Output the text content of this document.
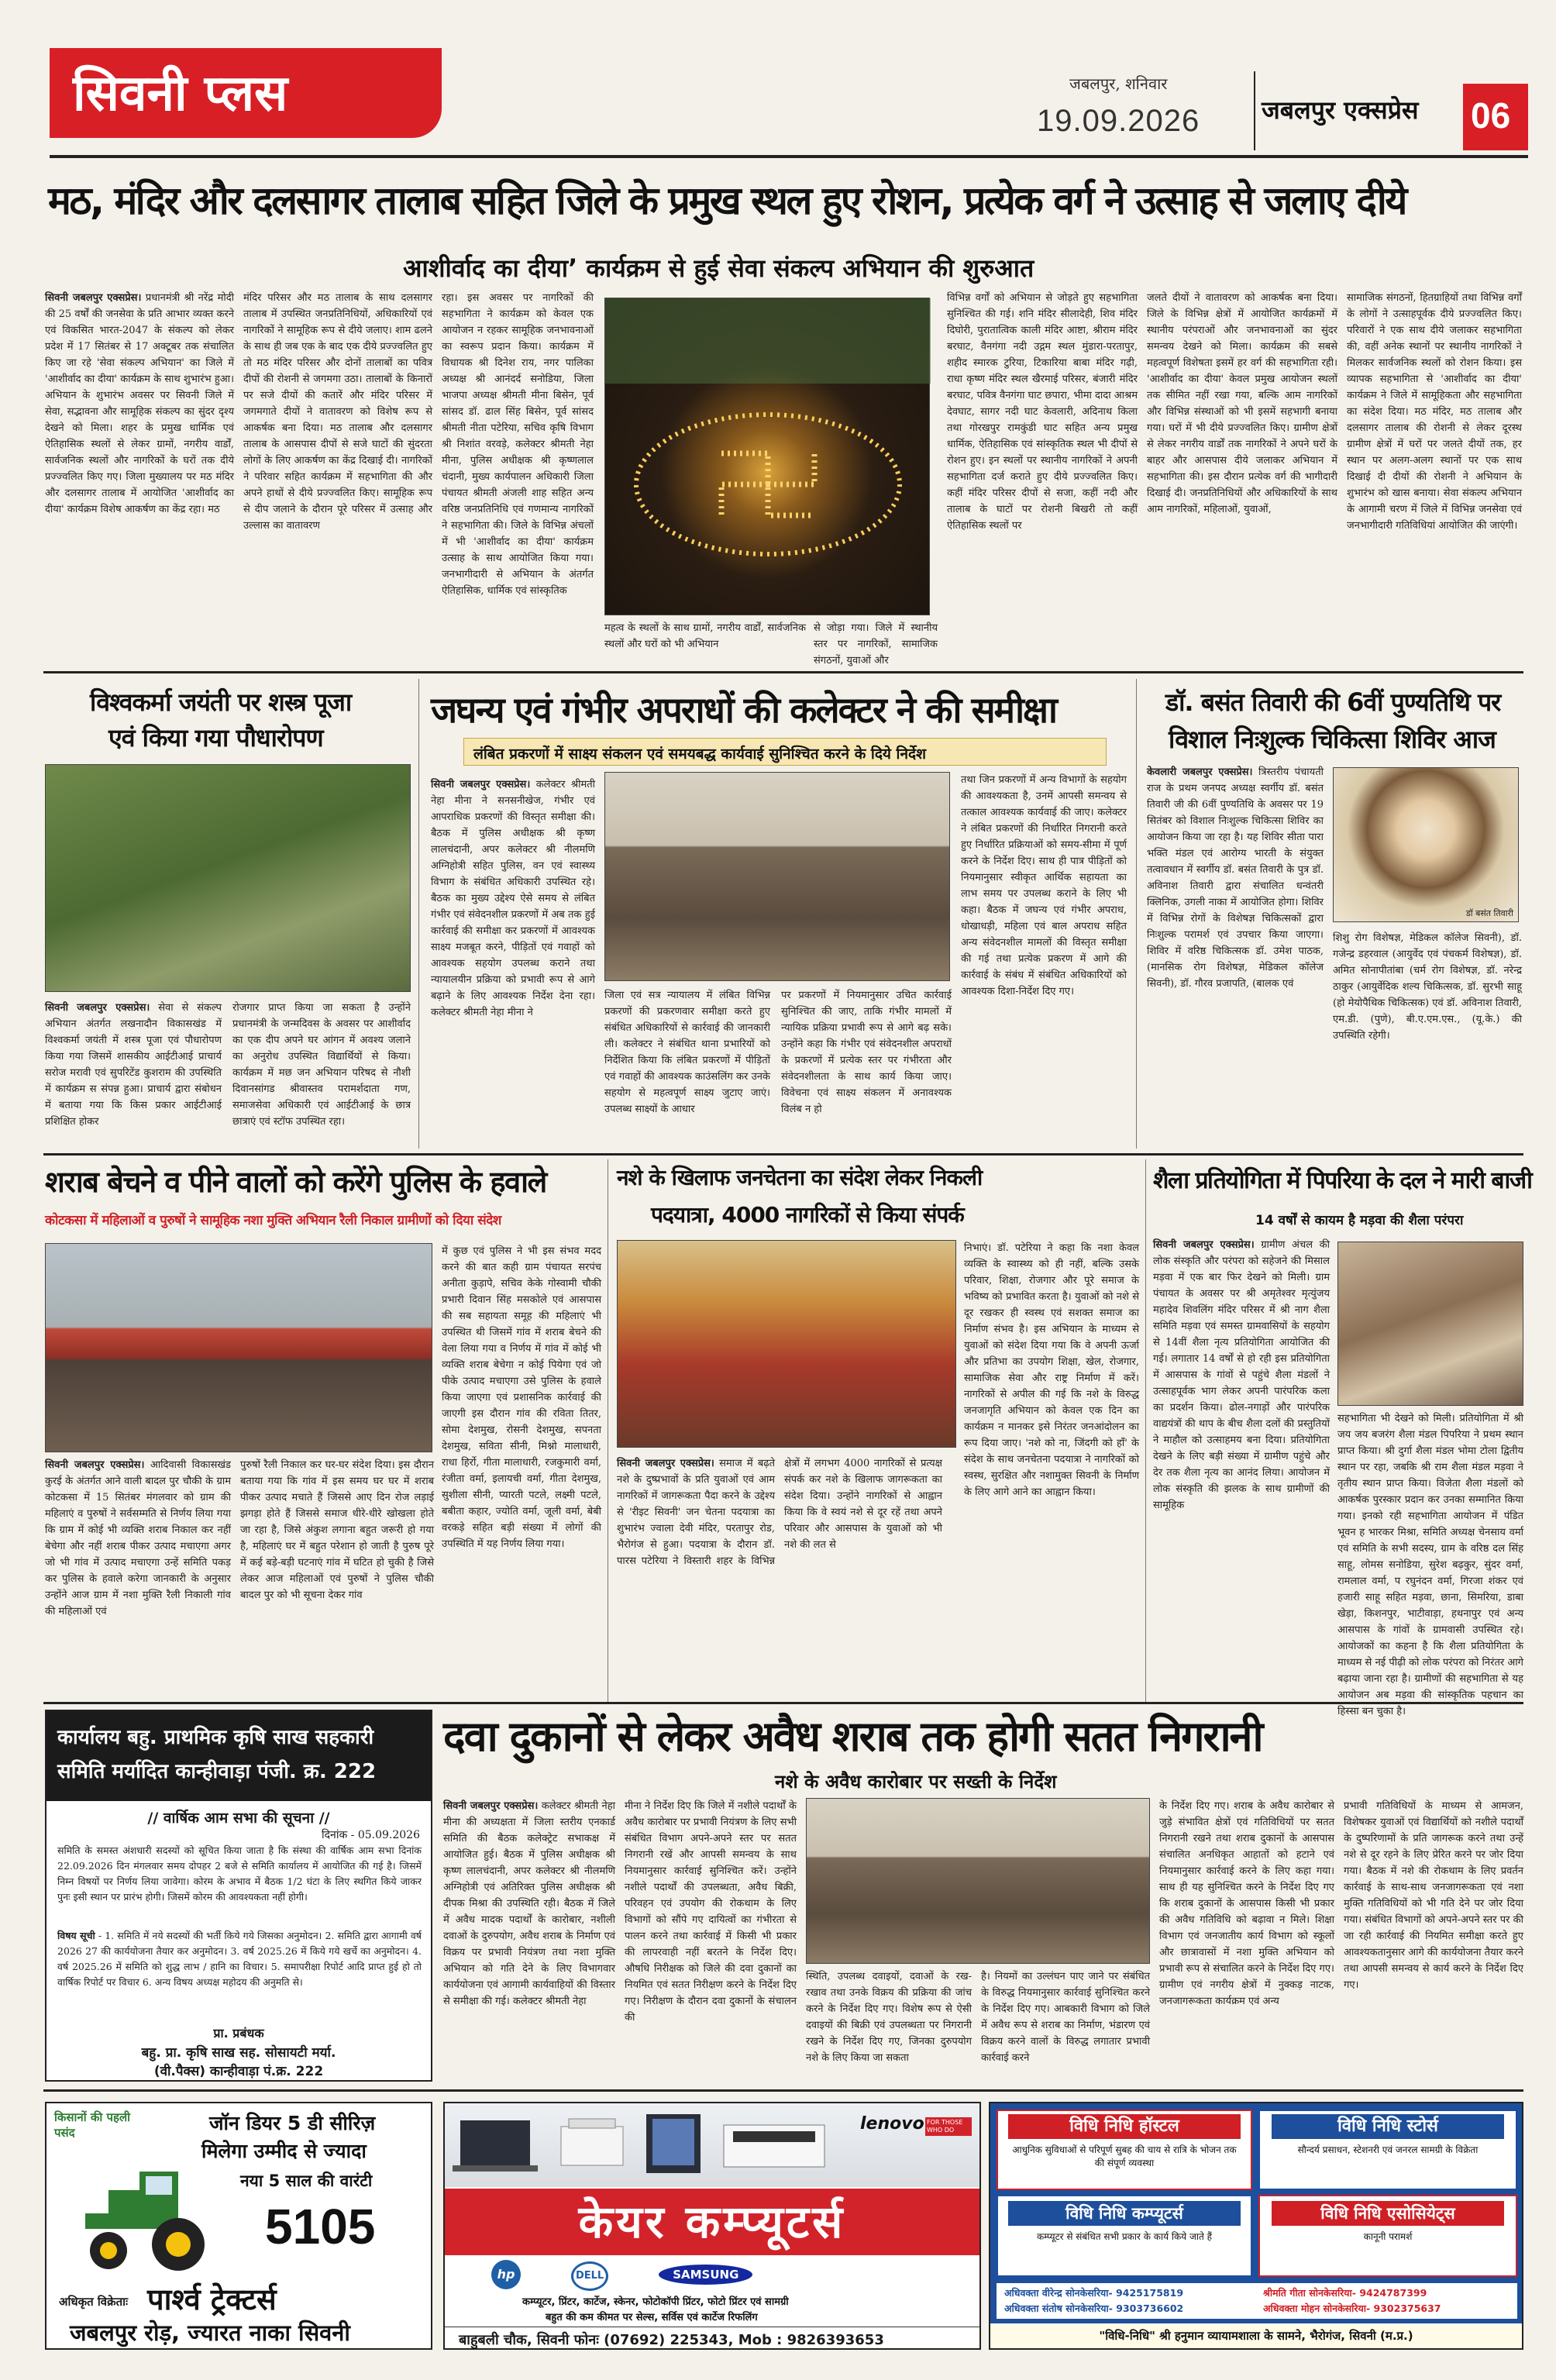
सिवनी प्लस	जबलपुर, शनिवार
19.09.2026 जबलपुर एक्सप्रेस 06
मठ, मंदिर और दलसागर तालाब सहित जिले के प्रमुख स्थल हुए रोशन, प्रत्येक वर्ग ने उत्साह से जलाए दीये
आशीर्वाद का दीया’ कार्यक्रम से हुई सेवा संकल्प अभियान की शुरुआत
सिवनी जबलपुर एक्सप्रेस। प्रधानमंत्री श्री नरेंद्र मोदी की 25 वर्षों की जनसेवा के प्रति आभार व्यक्त करने एवं विकसित भारत-2047 के संकल्प को लेकर प्रदेश में 17 सितंबर से 17 अक्टूबर तक संचालित किए जा रहे 'सेवा संकल्प अभियान' का जिले में 'आशीर्वाद का दीया' कार्यक्रम के साथ शुभारंभ हुआ। अभियान के शुभारंभ अवसर पर सिवनी जिले में सेवा, सद्भावना और सामूहिक संकल्प का सुंदर दृश्य देखने को मिला। शहर के प्रमुख धार्मिक एवं ऐतिहासिक स्थलों से लेकर ग्रामों, नगरीय वार्डों, सार्वजनिक स्थलों और नागरिकों के घरों तक दीये प्रज्ज्वलित किए गए। जिला मुख्यालय पर मठ मंदिर और दलसागर तालाब में आयोजित 'आशीर्वाद का दीया' कार्यक्रम विशेष आकर्षण का केंद्र रहा। मठ
मंदिर परिसर और मठ तालाब के साथ दलसागर तालाब में उपस्थित जनप्रतिनिधियों, अधिकारियों एवं नागरिकों ने सामूहिक रूप से दीये जलाए। शाम ढलने के साथ ही जब एक के बाद एक दीये प्रज्ज्वलित हुए तो मठ मंदिर परिसर और दोनों तालाबों का पवित्र दीपों की रोशनी से जगमगा उठा। तालाबों के किनारों पर सजे दीयों की कतारें और मंदिर परिसर में जगमगाते दीयों ने वातावरण को विशेष रूप से आकर्षक बना दिया। मठ तालाब और दलसागर तालाब के आसपास दीपों से सजे घाटों की सुंदरता लोगों के लिए आकर्षण का केंद्र दिखाई दी। नागरिकों ने परिवार सहित कार्यक्रम में सहभागिता की और अपने हाथों से दीये प्रज्ज्वलित किए। सामूहिक रूप से दीप जलाने के दौरान पूरे परिसर में उत्साह और उल्लास का वातावरण
रहा। इस अवसर पर नागरिकों की सहभागिता ने कार्यक्रम को केवल एक आयोजन न रहकर सामूहिक जनभावनाओं का स्वरूप प्रदान किया। कार्यक्रम में विधायक श्री दिनेश राय, नगर पालिका अध्यक्ष श्री आनंदर्द सनोडिया, जिला भाजपा अध्यक्ष श्रीमती मीना बिसेन, पूर्व सांसद डॉ. ढाल सिंह बिसेन, पूर्व सांसद श्रीमती नीता पटेरिया, सचिव कृषि विभाग श्री निशांत वरवड़े, कलेक्टर श्रीमती नेहा मीना, पुलिस अधीक्षक श्री कृष्णलाल चंदानी, मुख्य कार्यपालन अधिकारी जिला पंचायत श्रीमती अंजली शाह सहित अन्य वरिष्ठ जनप्रतिनिधि एवं गणमान्य नागरिकों ने सहभागिता की। जिले के विभिन्न अंचलों में भी 'आशीर्वाद का दीया' कार्यक्रम उत्साह के साथ आयोजित किया गया। जनभागीदारी से अभियान के अंतर्गत ऐतिहासिक, धार्मिक एवं सांस्कृतिक
महत्व के स्थलों के साथ ग्रामों, नगरीय वार्डों, सार्वजनिक स्थलों और घरों को भी अभियान
से जोड़ा गया। जिले में स्थानीय स्तर पर नागरिकों, सामाजिक संगठनों, युवाओं और
विभिन्न वर्गों को अभियान से जोड़ते हुए सहभागिता सुनिश्चित की गई। शनि मंदिर सीलादेही, शिव मंदिर दिघोरी, पुरातात्विक काली मंदिर आष्टा, श्रीराम मंदिर बरघाट, वैनगंगा नदी उद्गम स्थल मुंडारा-परतापुर, शहीद स्मारक टुरिया, टिकारिया बाबा मंदिर गढ़ी, राधा कृष्ण मंदिर स्थल खैरमाई परिसर, बंजारी मंदिर बरघाट, पवित्र वैनगंगा घाट छपारा, भीमा दादा आश्रम देवघाट, सागर नदी घाट केवलारी, अदिनाथ किला तथा गोरखपुर रामकुंडी घाट सहित अन्य प्रमुख धार्मिक, ऐतिहासिक एवं सांस्कृतिक स्थल भी दीपों से रोशन हुए। इन स्थलों पर स्थानीय नागरिकों ने अपनी सहभागिता दर्ज कराते हुए दीये प्रज्ज्वलित किए। कहीं मंदिर परिसर दीपों से सजा, कहीं नदी और तालाब के घाटों पर रोशनी बिखरी तो कहीं ऐतिहासिक स्थलों पर
जलते दीयों ने वातावरण को आकर्षक बना दिया। जिले के विभिन्न क्षेत्रों में आयोजित कार्यक्रमों में स्थानीय परंपराओं और जनभावनाओं का सुंदर समन्वय देखने को मिला। कार्यक्रम की सबसे महत्वपूर्ण विशेषता इसमें हर वर्ग की सहभागिता रही। 'आशीर्वाद का दीया' केवल प्रमुख आयोजन स्थलों तक सीमित नहीं रखा गया, बल्कि आम नागरिकों और विभिन्न संस्थाओं को भी इसमें सहभागी बनाया गया। घरों में भी दीये प्रज्ज्वलित किए। ग्रामीण क्षेत्रों से लेकर नगरीय वार्डों तक नागरिकों ने अपने घरों के बाहर और आसपास दीये जलाकर अभियान में सहभागिता की। इस दौरान प्रत्येक वर्ग की भागीदारी दिखाई दी। जनप्रतिनिधियों और अधिकारियों के साथ आम नागरिकों, महिलाओं, युवाओं,
सामाजिक संगठनों, हितग्राहियों तथा विभिन्न वर्गों के लोगों ने उत्साहपूर्वक दीये प्रज्ज्वलित किए। परिवारों ने एक साथ दीये जलाकर सहभागिता की, वहीं अनेक स्थानों पर स्थानीय नागरिकों ने मिलकर सार्वजनिक स्थलों को रोशन किया। इस व्यापक सहभागिता से 'आशीर्वाद का दीया' कार्यक्रम ने जिले में सामूहिकता और सहभागिता का संदेश दिया। मठ मंदिर, मठ तालाब और दलसागर तालाब की रोशनी से लेकर दूरस्थ ग्रामीण क्षेत्रों में घरों पर जलते दीयों तक, हर स्थान पर अलग-अलग स्थानों पर एक साथ दिखाई दी दीयों की रोशनी ने अभियान के शुभारंभ को खास बनाया। सेवा संकल्प अभियान के आगामी चरण में जिले में विभिन्न जनसेवा एवं जनभागीदारी गतिविधियां आयोजित की जाएंगी।
विश्वकर्मा जयंती पर शस्त्र पूजा
एवं किया गया पौधारोपण
सिवनी जबलपुर एक्सप्रेस। सेवा से संकल्प अभियान अंतर्गत लखनादौन विकासखंड में विश्वकर्मा जयंती में शस्त्र पूजा एवं पौधारोपण किया गया जिसमें शासकीय आईटीआई प्राचार्य सरोज मरावी एवं सुपरिटेंड कुशराम की उपस्थिति में कार्यक्रम स संपन्न हुआ। प्राचार्य द्वारा संबोधन में बताया गया कि किस प्रकार आईटीआई प्रशिक्षित होकर
रोजगार प्राप्त किया जा सकता है उन्होंने प्रधानमंत्री के जन्मदिवस के अवसर पर आशीर्वाद का एक दीप अपने घर आंगन में अवश्य जलाने का अनुरोध उपस्थित विद्यार्थियों से किया। कार्यक्रम में मछ जन अभियान परिषद से नौशी दिवानसांगड श्रीवास्तव परामर्शदाता गण, समाजसेवा अधिकारी एवं आईटीआई के छात्र छात्राएं एवं स्टॉफ उपस्थित रहा।
जघन्य एवं गंभीर अपराधों की कलेक्टर ने की समीक्षा
लंबित प्रकरणों में साक्ष्य संकलन एवं समयबद्ध कार्यवाई सुनिश्चित करने के दिये निर्देश
सिवनी जबलपुर एक्सप्रेस। कलेक्टर श्रीमती नेहा मीना ने सनसनीखेज, गंभीर एवं आपराधिक प्रकरणों की विस्तृत समीक्षा की। बैठक में पुलिस अधीक्षक श्री कृष्ण लालचंदानी, अपर कलेक्टर श्री नीलमणि अग्निहोत्री सहित पुलिस, वन एवं स्वास्थ्य विभाग के संबंधित अधिकारी उपस्थित रहे। बैठक का मुख्य उद्देश्य ऐसे समय से लंबित गंभीर एवं संवेदनशील प्रकरणों में अब तक हुई कार्रवाई की समीक्षा कर प्रकरणों में आवश्यक साक्ष्य मजबूत करने, पीड़ितों एवं गवाहों को आवश्यक सहयोग उपलब्ध कराने तथा न्यायालयीन प्रक्रिया को प्रभावी रूप से आगे बढ़ाने के लिए आवश्यक निर्देश देना रहा। कलेक्टर श्रीमती नेहा मीना ने
जिला एवं सत्र न्यायालय में लंबित विभिन्न प्रकरणों की प्रकरणवार समीक्षा करते हुए संबंधित अधिकारियों से कार्रवाई की जानकारी ली। कलेक्टर ने संबंधित थाना प्रभारियों को निर्देशित किया कि लंबित प्रकरणों में पीड़ितों एवं गवाहों की आवश्यक काउंसलिंग कर उनके सहयोग से महत्वपूर्ण साक्ष्य जुटाए जाएं। उपलब्ध साक्ष्यों के आधार
पर प्रकरणों में नियमानुसार उचित कार्रवाई सुनिश्चित की जाए, ताकि गंभीर मामलों में न्यायिक प्रक्रिया प्रभावी रूप से आगे बढ़ सके। उन्होंने कहा कि गंभीर एवं संवेदनशील अपराधों के प्रकरणों में प्रत्येक स्तर पर गंभीरता और संवेदनशीलता के साथ कार्य किया जाए। विवेचना एवं साक्ष्य संकलन में अनावश्यक विलंब न हो
तथा जिन प्रकरणों में अन्य विभागों के सहयोग की आवश्यकता है, उनमें आपसी समन्वय से तत्काल आवश्यक कार्यवाई की जाए। कलेक्टर ने लंबित प्रकरणों की निर्धारित निगरानी करते हुए निर्धारित प्रक्रियाओं को समय-सीमा में पूर्ण करने के निर्देश दिए। साथ ही पात्र पीड़ितों को नियमानुसार स्वीकृत आर्थिक सहायता का लाभ समय पर उपलब्ध कराने के लिए भी कहा। बैठक में जघन्य एवं गंभीर अपराध, धोखाधड़ी, महिला एवं बाल अपराध सहित अन्य संवेदनशील मामलों की विस्तृत समीक्षा की गई तथा प्रत्येक प्रकरण में आगे की कार्रवाई के संबंध में संबंधित अधिकारियों को आवश्यक दिशा-निर्देश दिए गए।
डॉ. बसंत तिवारी की 6वीं पुण्यतिथि पर
विशाल निःशुल्क चिकित्सा शिविर आज
केवलारी जबलपुर एक्सप्रेस। त्रिस्तरीय पंचायती राज के प्रथम जनपद अध्यक्ष स्वर्गीय डॉ. बसंत तिवारी जी की 6वीं पुण्यतिथि के अवसर पर 19 सितंबर को विशाल निःशुल्क चिकित्सा शिविर का आयोजन किया जा रहा है। यह शिविर सीता पारा भक्ति मंडल एवं आरोग्य भारती के संयुक्त तत्वावधान में स्वर्गीय डॉ. बसंत तिवारी के पुत्र डॉ. अविनाश तिवारी द्वारा संचालित धन्वंतरी क्लिनिक, उगली नाका में आयोजित होगा। शिविर में विभिन्न रोगों के विशेषज्ञ चिकित्सकों द्वारा निःशुल्क परामर्श एवं उपचार किया जाएगा। शिविर में वरिष्ठ चिकित्सक डॉ. उमेश पाठक, (मानसिक रोग विशेषज्ञ, मेडिकल कॉलेज सिवनी), डॉ. गौरव प्रजापति, (बालक एवं
डॉ बसंत तिवारी
शिशु रोग विशेषज्ञ, मेडिकल कॉलेज सिवनी), डॉ. गजेन्द्र डहरवाल (आयुर्वेद एवं पंचकर्म विशेषज्ञ), डॉ. अमित सोनापीतांबा (चर्म रोग विशेषज्ञ, डॉ. नरेन्द्र ठाकुर (आयुर्वेदिक शल्य चिकित्सक, डॉ. सुरभी साहू (हो मेयोपैथिक चिकित्सक) एवं डॉ. अविनाश तिवारी, एम.डी. (पुणे), बी.ए.एम.एस., (यू.के.) की उपस्थिति रहेगी।
शराब बेचने व पीने वालों को करेंगे पुलिस के हवाले
कोटकसा में महिलाओं व पुरुषों ने सामूहिक नशा मुक्ति अभियान रैली निकाल ग्रामीणों को दिया संदेश
सिवनी जबलपुर एक्सप्रेस। आदिवासी विकासखंड कुरई के अंतर्गत आने वाली बादल पुर चौकी के ग्राम कोटकसा में 15 सितंबर मंगलवार को ग्राम की महिलाएं व पुरुषों ने सर्वसम्मति से निर्णय लिया गया कि ग्राम में कोई भी व्यक्ति शराब निकाल कर नहीं बेचेगा और नहीं शराब पीकर उत्पाद मचाएगा अगर जो भी गांव में उत्पाद मचाएगा उन्हें समिति पकड़ कर पुलिस के हवाले करेगा जानकारी के अनुसार उन्होंने आज ग्राम में नशा मुक्ति रैली निकाली गांव की महिलाओं एवं
पुरुषों रैली निकाल कर घर-घर संदेश दिया। इस दौरान बताया गया कि गांव में इस समय घर घर में शराब पीकर उत्पाद मचाते हैं जिससे आए दिन रोज लड़ाई झगड़ा होते हैं जिससे समाज धीरे-धीरे खोखला होते जा रहा है, जिसे अंकुश लगाना बहुत जरूरी हो गया है, महिलाएं घर में बहुत परेशान हो जाती है पुरुष पूरे में कई बड़े-बड़ी घटनाएं गांव में घटित हो चुकी है जिसे लेकर आज महिलाओं एवं पुरुषों ने पुलिस चौकी बादल पुर को भी सूचना देकर गांव
में कुछ एवं पुलिस ने भी इस संभव मदद करने की बात कही ग्राम पंचायत सरपंच अनीता कुड़ापे, सचिव केके गोस्वामी चौकी प्रभारी दिवान सिंह मसकोले एवं आसपास की सब सहायता समूह की महिलाएं भी उपस्थित थी जिसमें गांव में शराब बेचने की वेला लिया गया व निर्णय में गांव में कोई भी व्यक्ति शराब बेचेगा न कोई पियेगा एवं जो पीके उत्पाद मचाएगा उसे पुलिस के हवाले किया जाएगा एवं प्रशासनिक कार्रवाई की जाएगी इस दौरान गांव की रविता तितर, सोमा देशमुख, रोसनी देशमुख, सपनता देशमुख, सविता सीनी, मिश्नो मालाधारी, राधा हिर्रो, गीता मालाधारी, रजकुमारी वर्मा, रंजीता वर्मा, इलायची वर्मा, गीता देशमुख, सुशीला सीनी, प्यारती पटले, लक्ष्मी पटले, बबीता कहार, ज्योति वर्मा, जूली वर्मा, बेबी वरकड़े सहित बड़ी संख्या में लोगों की उपस्थिति में यह निर्णय लिया गया।
नशे के खिलाफ जनचेतना का संदेश लेकर निकली
पदयात्रा, 4000 नागरिकों से किया संपर्क
सिवनी जबलपुर एक्सप्रेस। समाज में बढ़ते नशे के दुष्प्रभावों के प्रति युवाओं एवं आम नागरिकों में जागरूकता पैदा करने के उद्देश्य से 'रीइट सिवनी' जन चेतना पदयात्रा का शुभारंभ ज्वाला देवी मंदिर, परतापुर रोड, भैरोगंज से हुआ। पदयात्रा के दौरान डॉ. पारस पटेरिया ने विस्तारी शहर के विभिन्न क्षेत्रों में लगभग 4000 नागरिकों से प्रत्यक्ष संपर्क कर नशे के खिलाफ जागरूकता का संदेश दिया। उन्होंने नागरिकों से आह्वान किया कि वे स्वयं नशे से दूर रहें तथा अपने परिवार और आसपास के युवाओं को भी नशे की लत से
निभाएं। डॉ. पटेरिया ने कहा कि नशा केवल व्यक्ति के स्वास्थ्य को ही नहीं, बल्कि उसके परिवार, शिक्षा, रोजगार और पूरे समाज के भविष्य को प्रभावित करता है। युवाओं को नशे से दूर रखकर ही स्वस्थ एवं सशक्त समाज का निर्माण संभव है। इस अभियान के माध्यम से युवाओं को संदेश दिया गया कि वे अपनी ऊर्जा और प्रतिभा का उपयोग शिक्षा, खेल, रोजगार, सामाजिक सेवा और राष्ट्र निर्माण में करें। नागरिकों से अपील की गई कि नशे के विरुद्ध जनजागृति अभियान को केवल एक दिन का कार्यक्रम न मानकर इसे निरंतर जनआंदोलन का रूप दिया जाए। 'नशे को ना, जिंदगी को हाँ' के संदेश के साथ जनचेतना पदयात्रा ने नागरिकों को स्वस्थ, सुरक्षित और नशामुक्त सिवनी के निर्माण के लिए आगे आने का आह्वान किया।
शैला प्रतियोगिता में पिपरिया के दल ने मारी बाजी
14 वर्षों से कायम है मड़वा की शैला परंपरा
सिवनी जबलपुर एक्सप्रेस। ग्रामीण अंचल की लोक संस्कृति और परंपरा को सहेजने की मिसाल मड़वा में एक बार फिर देखने को मिली। ग्राम पंचायत के अवसर पर श्री अमृतेश्वर मृत्युंजय महादेव शिवलिंग मंदिर परिसर में श्री नाग शैला समिति मड़वा एवं समस्त ग्रामवासियों के सहयोग से 14वीं शैला नृत्य प्रतियोगिता आयोजित की गई। लगातार 14 वर्षों से हो रही इस प्रतियोगिता में आसपास के गांवों से पहुंचे शैला मंडलों ने उत्साहपूर्वक भाग लेकर अपनी पारंपरिक कला का प्रदर्शन किया। ढोल-नगाड़ों और पारंपरिक वाद्ययंत्रों की थाप के बीच शैला दलों की प्रस्तुतियों ने माहौल को उत्साहमय बना दिया। प्रतियोगिता देखने के लिए बड़ी संख्या में ग्रामीण पहुंचे और देर तक शैला नृत्य का आनंद लिया। आयोजन में लोक संस्कृति की झलक के साथ ग्रामीणों की सामूहिक
सहभागिता भी देखने को मिली। प्रतियोगिता में श्री जय जय बजरंग शैला मंडल पिपरिया ने प्रथम स्थान प्राप्त किया। श्री दुर्गा शैला मंडल भोमा टोला द्वितीय स्थान पर रहा, जबकि श्री राम शैला मंडल मड़वा ने तृतीय स्थान प्राप्त किया। विजेता शैला मंडलों को आकर्षक पुरस्कार प्रदान कर उनका सम्मानित किया गया। इनको रही सहभागिता आयोजन में पंडित भूवन ह भारकर मिश्रा, समिति अध्यक्ष चेनसाय वर्मा एवं समिति के सभी सदस्य, ग्राम के वरिष्ठ दल सिंह साहू, लोमस सनोडिया, सुरेश बढ़कुर, सुंदर वर्मा, रामलाल वर्मा, प रघुनंदन वर्मा, गिरजा शंकर एवं हजारी साहू सहित मड़वा, छाना, सिमरिया, डाबा खेड़ा, किशनपुर, भाटीवाड़ा, हथनापुर एवं अन्य आसपास के गांवों के ग्रामवासी उपस्थित रहे। आयोजकों का कहना है कि शैला प्रतियोगिता के माध्यम से नई पीढ़ी को लोक परंपरा को निरंतर आगे बढ़ाया जाना रहा है। ग्रामीणों की सहभागिता से यह आयोजन अब मड़वा की सांस्कृतिक पहचान का हिस्सा बन चुका है।
कार्यालय बहु. प्राथमिक कृषि साख सहकारी समिति मर्यादित कान्हीवाड़ा पंजी. क्र. 222
// वार्षिक आम सभा की सूचना //
दिनांक - 05.09.2026
समिति के समस्त अंशधारी सदस्यों को सूचित किया जाता है कि संस्था की वार्षिक आम सभा दिनांक 22.09.2026 दिन मंगलवार समय दोपहर 2 बजे से समिति कार्यालय में आयोजित की गई है। जिसमें निम्न विषयों पर निर्णय लिया जावेगा। कोरम के अभाव में बैठक 1/2 घंटा के लिए स्थगित किये जाकर पुनः इसी स्थान पर प्रारंभ होगी। जिसमें कोरम की आवश्यकता नहीं होगी।
विषय सूची - 1. समिति में नये सदस्यों की भर्ती किये गये जिसका अनुमोदन। 2. समिति द्वारा आगामी वर्ष 2026 27 की कार्ययोजना तैयार कर अनुमोदन। 3. वर्ष 2025.26 में किये गये खर्चे का अनुमोदन। 4. वर्ष 2025.26 में समिति को शुद्ध लाभ / हानि का विचार। 5. समापरीक्षा रिपोर्ट आदि प्राप्त हुई हो तो वार्षिक रिपोर्ट पर विचार 6. अन्य विषय अध्यक्ष महोदय की अनुमति से।
प्रा. प्रबंधक
बहु. प्रा. कृषि साख सह. सोसायटी मर्या.
(वी.पैक्स) कान्हीवाड़ा पं.क्र. 222
दवा दुकानों से लेकर अवैध शराब तक होगी सतत निगरानी
नशे के अवैध कारोबार पर सख्ती के निर्देश
सिवनी जबलपुर एक्सप्रेस। कलेक्टर श्रीमती नेहा मीना की अध्यक्षता में जिला स्तरीय एनकार्ड समिति की बैठक कलेक्ट्रेट सभाकक्ष में आयोजित हुई। बैठक में पुलिस अधीक्षक श्री कृष्ण लालचंदानी, अपर कलेक्टर श्री नीलमणि अग्निहोत्री एवं अतिरिक्त पुलिस अधीक्षक श्री दीपक मिश्रा की उपस्थिति रही। बैठक में जिले में अवैध मादक पदार्थों के कारोबार, नशीली दवाओं के दुरुपयोग, अवैध शराब के निर्माण एवं विक्रय पर प्रभावी नियंत्रण तथा नशा मुक्ति अभियान को गति देने के लिए विभागवार कार्ययोजना एवं आगामी कार्यवाहियों की विस्तार से समीक्षा की गई। कलेक्टर श्रीमती नेहा
मीना ने निर्देश दिए कि जिले में नशीले पदार्थों के अवैध कारोबार पर प्रभावी नियंत्रण के लिए सभी संबंधित विभाग अपने-अपने स्तर पर सतत निगरानी रखें और आपसी समन्वय के साथ नियमानुसार कार्रवाई सुनिश्चित करें। उन्होंने नशीले पदार्थों की उपलब्धता, अवैध बिक्री, परिवहन एवं उपयोग की रोकथाम के लिए विभागों को सौंपे गए दायित्वों का गंभीरता से पालन करने तथा कार्रवाई में किसी भी प्रकार की लापरवाही नहीं बरतने के निर्देश दिए। औषधि निरीक्षक को जिले की दवा दुकानों का नियमित एवं सतत निरीक्षण करने के निर्देश दिए गए। निरीक्षण के दौरान दवा दुकानों के संचालन की
स्थिति, उपलब्ध दवाइयों, दवाओं के रख-रखाव तथा उनके विक्रय की प्रक्रिया की जांच करने के निर्देश दिए गए। विशेष रूप से ऐसी दवाइयों की बिक्री एवं उपलब्धता पर निगरानी रखने के निर्देश दिए गए, जिनका दुरुपयोग नशे के लिए किया जा सकता
है। नियमों का उल्लंघन पाए जाने पर संबंधित के विरुद्ध नियमानुसार कार्रवाई सुनिश्चित करने के निर्देश दिए गए। आबकारी विभाग को जिले में अवैध रूप से शराब का निर्माण, भंडारण एवं विक्रय करने वालों के विरुद्ध लगातार प्रभावी कार्रवाई करने
के निर्देश दिए गए। शराब के अवैध कारोबार से जुड़े संभावित क्षेत्रों एवं गतिविधियों पर सतत निगरानी रखने तथा शराब दुकानों के आसपास संचालित अनधिकृत आहातों को हटाने एवं नियमानुसार कार्रवाई करने के लिए कहा गया। साथ ही यह सुनिश्चित करने के निर्देश दिए गए कि शराब दुकानों के आसपास किसी भी प्रकार की अवैध गतिविधि को बढ़ावा न मिले। शिक्षा विभाग एवं जनजातीय कार्य विभाग को स्कूलों और छात्रावासों में नशा मुक्ति अभियान को प्रभावी रूप से संचालित करने के निर्देश दिए गए। ग्रामीण एवं नगरीय क्षेत्रों में नुक्कड़ नाटक, जनजागरूकता कार्यक्रम एवं अन्य
प्रभावी गतिविधियों के माध्यम से आमजन, विशेषकर युवाओं एवं विद्यार्थियों को नशीले पदार्थों के दुष्परिणामों के प्रति जागरूक करने तथा उन्हें नशे से दूर रहने के लिए प्रेरित करने पर जोर दिया गया। बैठक में नशे की रोकथाम के लिए प्रवर्तन कार्रवाई के साथ-साथ जनजागरूकता एवं नशा मुक्ति गतिविधियों को भी गति देने पर जोर दिया गया। संबंधित विभागों को अपने-अपने स्तर पर की जा रही कार्रवाई की नियमित समीक्षा करते हुए आवश्यकतानुसार आगे की कार्ययोजना तैयार करने तथा आपसी समन्वय से कार्य करने के निर्देश दिए गए।
किसानों की पहली पसंद	जॉन डियर 5 डी सीरिज़
मिलेगा उम्मीद से ज्यादा
नया 5 साल की वारंटी
5105
अधिकृत विक्रेताः पार्श्व ट्रेक्टर्स
जबलपुर रोड़, ज्यारत नाका सिवनी
lenovo FOR THOSE WHO DO
केयर कम्प्यूटर्स
hp	DELL	SAMSUNG
कम्प्यूटर, प्रिंटर, कार्टेज, स्केनर, फोटोकॉपी प्रिंटर, फोटो प्रिंटर एवं सामग्री
बहुत की कम कीमत पर सेल्स, सर्विस एवं कार्टेज रिफलिंग
बाहुबली चौक, सिवनी फोनः (07692) 225343, Mob : 9826393653
विधि निधि हॉस्टल
आधुनिक सुविधाओं से परिपूर्ण सुबह की चाय से रात्रि के भोजन तक की संपूर्ण व्यवस्था
विधि निधि स्टोर्स
सौन्दर्य प्रसाधन, स्टेशनरी एवं जनरल सामग्री के विक्रेता
विधि निधि कम्प्यूटर्स
कम्प्यूटर से संबंधित सभी प्रकार के कार्य किये जाते हैं
विधि निधि एसोसियेट्स
कानूनी परामर्श
अधिवक्ता वीरेन्द्र सोनकेसरिया- 9425175819
अधिवक्ता संतोष सोनकेसरिया- 9303736602
श्रीमति गीता सोनकेसरिया- 9424787399
अधिवक्ता मोहन सोनकेसरिया- 9302375637
"विधि-निधि" श्री हनुमान व्यायामशाला के सामने, भैरोगंज, सिवनी (म.प्र.)
